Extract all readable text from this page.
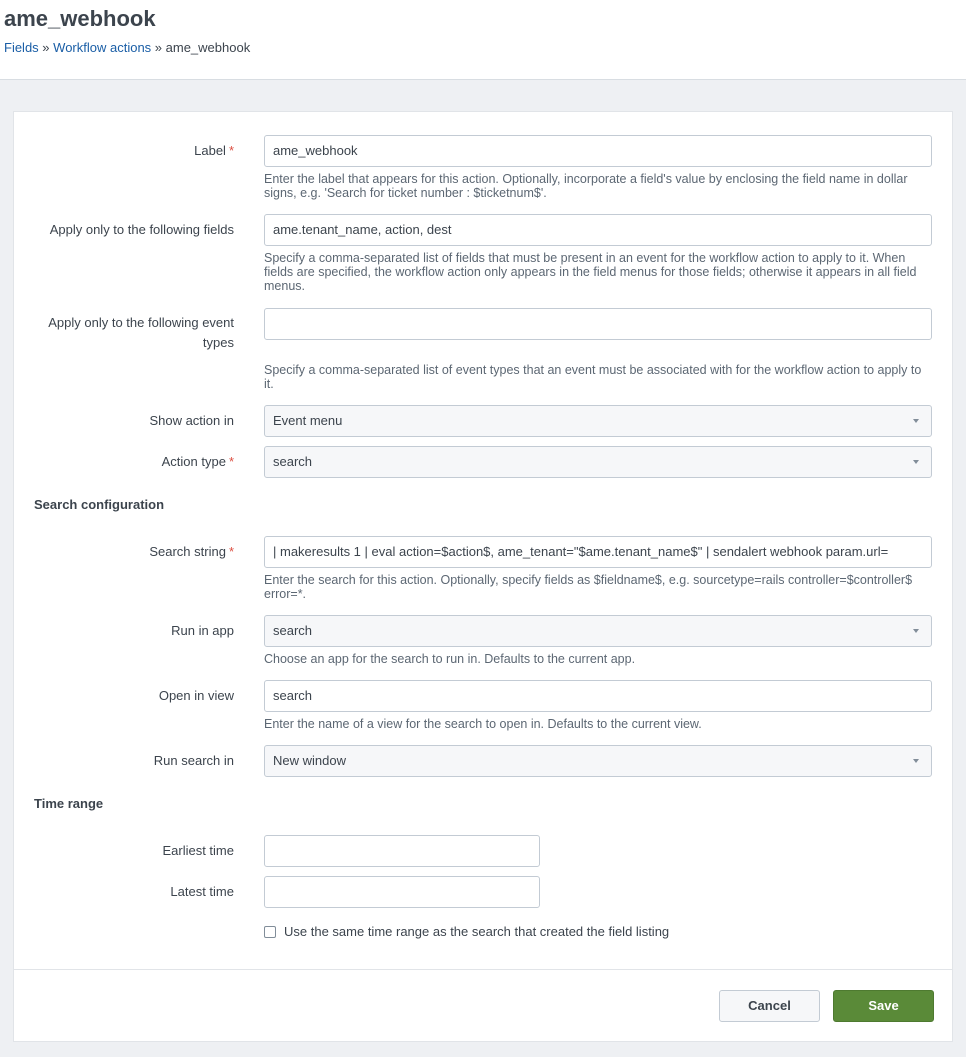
ame_webhook
Fields » Workflow actions » ame_webhook
Label *	ame_webhook
Enter the label that appears for this action. Optionally, incorporate a field's value by enclosing the field name in dollar signs, e.g. 'Search for ticket number : $ticketnum$'.
Apply only to the following fields	ame.tenant_name, action, dest
Specify a comma-separated list of fields that must be present in an event for the workflow action to apply to it. When fields are specified, the workflow action only appears in the field menus for those fields; otherwise it appears in all field menus.
Apply only to the following event types
Specify a comma-separated list of event types that an event must be associated with for the workflow action to apply to it.
Show action in	Event menu
Action type *	search
Search configuration
Search string *	| makeresults 1 | eval action=$action$, ame_tenant="$ame.tenant_name$" | sendalert webhook param.url=
Enter the search for this action. Optionally, specify fields as $fieldname$, e.g. sourcetype=rails controller=$controller$ error=*.
Run in app	search
Choose an app for the search to run in. Defaults to the current app.
Open in view	search
Enter the name of a view for the search to open in. Defaults to the current view.
Run search in	New window
Time range
Earliest time
Latest time
Use the same time range as the search that created the field listing
Cancel	Save
